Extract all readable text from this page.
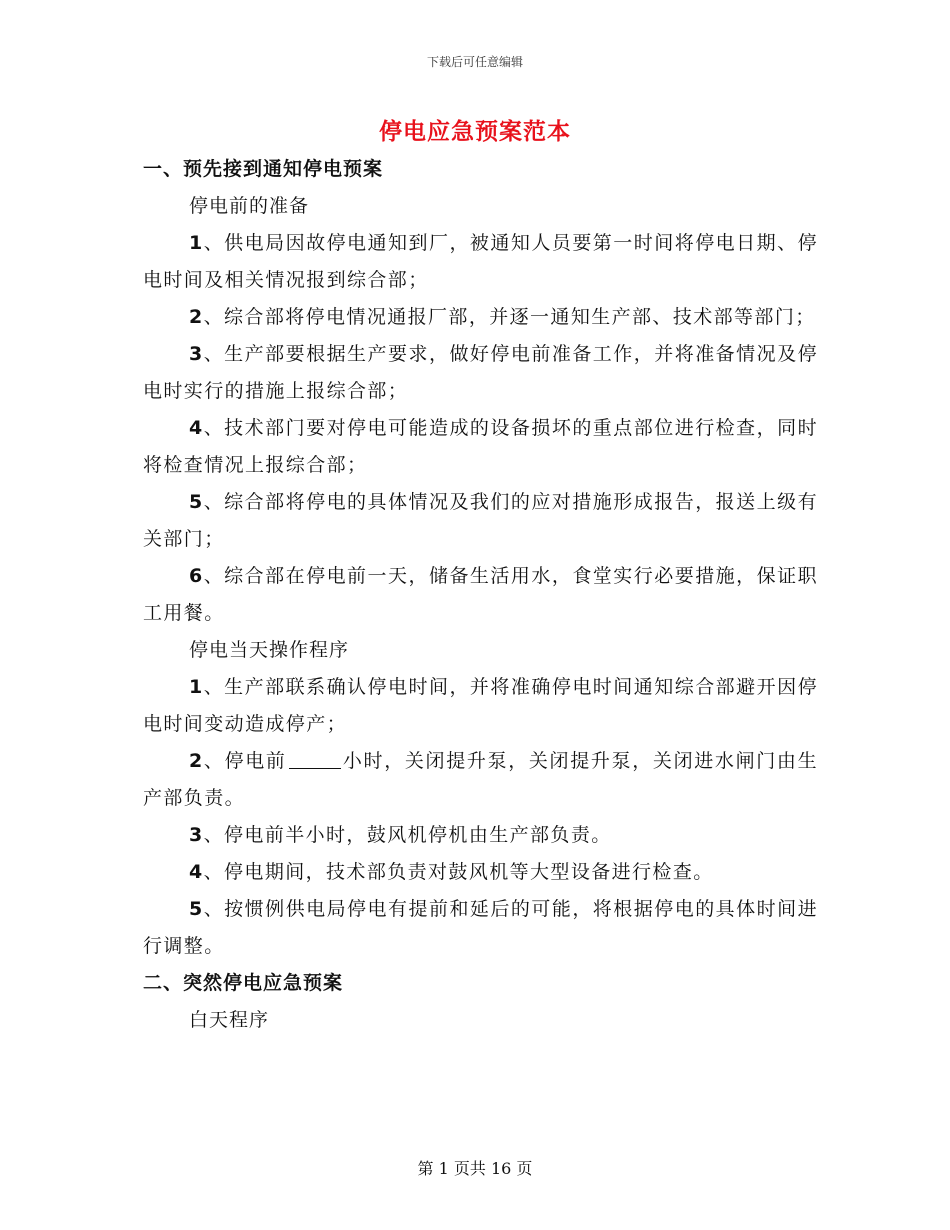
下载后可任意编辑
停电应急预案范本
一、预先接到通知停电预案
停电前的准备
1、供电局因故停电通知到厂，被通知人员要第一时间将停电日期、停电时间及相关情况报到综合部；
2、综合部将停电情况通报厂部，并逐一通知生产部、技术部等部门；
3、生产部要根据生产要求，做好停电前准备工作，并将准备情况及停电时实行的措施上报综合部；
4、技术部门要对停电可能造成的设备损坏的重点部位进行检查，同时将检查情况上报综合部；
5、综合部将停电的具体情况及我们的应对措施形成报告，报送上级有关部门；
6、综合部在停电前一天，储备生活用水，食堂实行必要措施，保证职工用餐。
停电当天操作程序
1、生产部联系确认停电时间，并将准确停电时间通知综合部避开因停电时间变动造成停产；
2、停电前	小时，关闭提升泵，关闭提升泵，关闭进水闸门由生产部负责。
3、停电前半小时，鼓风机停机由生产部负责。
4、停电期间，技术部负责对鼓风机等大型设备进行检查。
5、按惯例供电局停电有提前和延后的可能，将根据停电的具体时间进行调整。
二、突然停电应急预案
白天程序
第 1 页共 16 页
